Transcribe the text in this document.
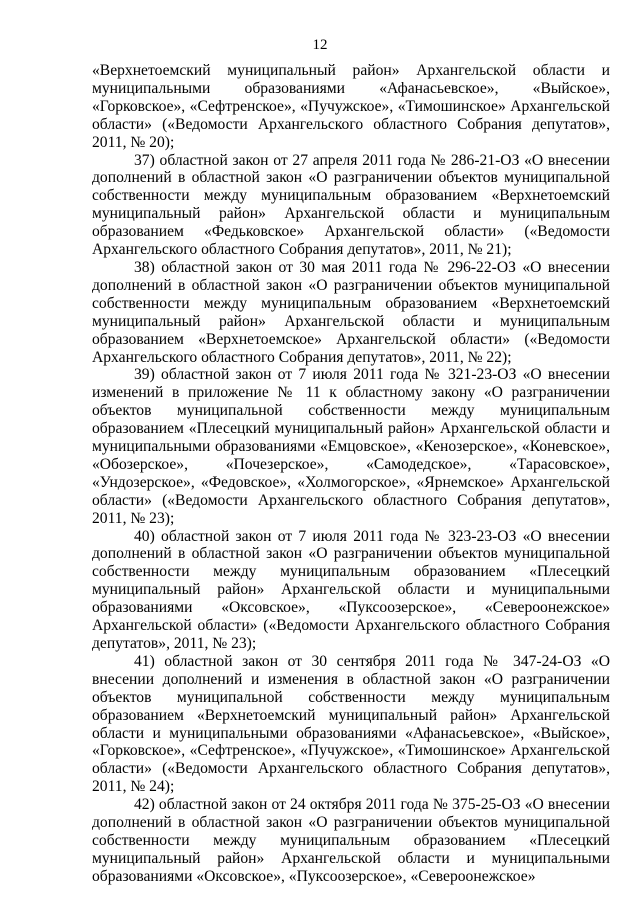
12

«Верхнетоемский муниципальный район» Архангельской области и муниципальными образованиями «Афанасьевское», «Выйское», «Горковское», «Сефтренское», «Пучужское», «Тимошинское» Архангельской области» («Ведомости Архангельского областного Собрания депутатов», 2011, № 20);

37) областной закон от 27 апреля 2011 года № 286-21-ОЗ «О внесении дополнений в областной закон «О разграничении объектов муниципальной собственности между муниципальным образованием «Верхнетоемский муниципальный район» Архангельской области и муниципальным образованием «Федьковское» Архангельской области» («Ведомости Архангельского областного Собрания депутатов», 2011, № 21);

38) областной закон от 30 мая 2011 года № 296-22-ОЗ «О внесении дополнений в областной закон «О разграничении объектов муниципальной собственности между муниципальным образованием «Верхнетоемский муниципальный район» Архангельской области и муниципальным образованием «Верхнетоемское» Архангельской области» («Ведомости Архангельского областного Собрания депутатов», 2011, № 22);

39) областной закон от 7 июля 2011 года № 321-23-ОЗ «О внесении изменений в приложение № 11 к областному закону «О разграничении объектов муниципальной собственности между муниципальным образованием «Плесецкий муниципальный район» Архангельской области и муниципальными образованиями «Емцовское», «Кенозерское», «Коневское», «Обозерское», «Почезерское», «Самодедское», «Тарасовское», «Ундозерское», «Федовское», «Холмогорское», «Ярнемское» Архангельской области» («Ведомости Архангельского областного Собрания депутатов», 2011, № 23);

40) областной закон от 7 июля 2011 года № 323-23-ОЗ «О внесении дополнений в областной закон «О разграничении объектов муниципальной собственности между муниципальным образованием «Плесецкий муниципальный район» Архангельской области и муниципальными образованиями «Оксовское», «Пуксоозерское», «Североонежское» Архангельской области» («Ведомости Архангельского областного Собрания депутатов», 2011, № 23);

41) областной закон от 30 сентября 2011 года № 347-24-ОЗ «О внесении дополнений и изменения в областной закон «О разграничении объектов муниципальной собственности между муниципальным образованием «Верхнетоемский муниципальный район» Архангельской области и муниципальными образованиями «Афанасьевское», «Выйское», «Горковское», «Сефтренское», «Пучужское», «Тимошинское» Архангельской области» («Ведомости Архангельского областного Собрания депутатов», 2011, № 24);

42) областной закон от 24 октября 2011 года № 375-25-ОЗ «О внесении дополнений в областной закон «О разграничении объектов муниципальной собственности между муниципальным образованием «Плесецкий муниципальный район» Архангельской области и муниципальными образованиями «Оксовское», «Пуксоозерское», «Североонежское»
